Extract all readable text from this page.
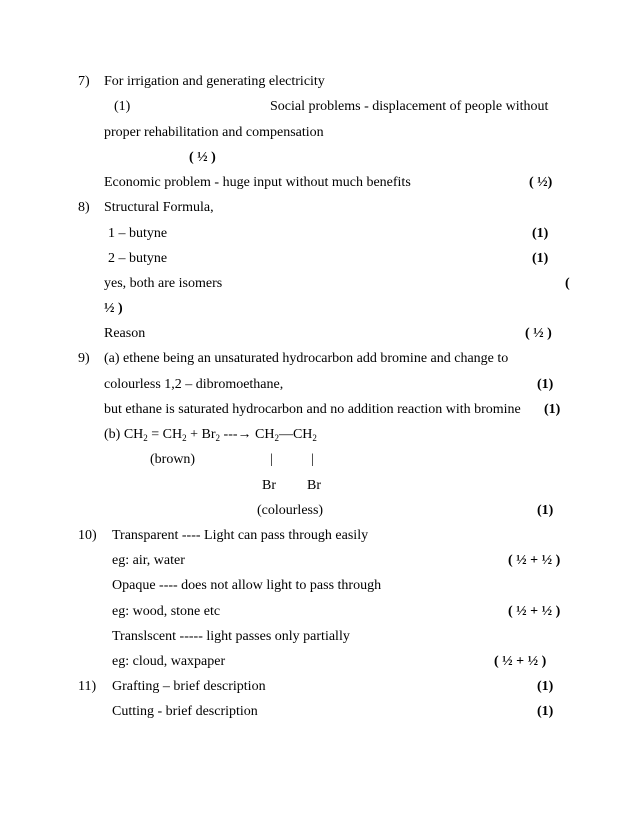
7) For irrigation and generating electricity
(1)	Social problems - displacement of people without
proper rehabilitation and compensation
( ½ )
Economic problem - huge input without much benefits	( ½)
8) Structural Formula,
1 – butyne	(1)
2 – butyne	(1)
yes, both are isomers	(
½ )
Reason	( ½ )
9) (a) ethene being an unsaturated hydrocarbon add bromine and change to
colourless 1,2 – dibromoethane,	(1)
but ethane is saturated hydrocarbon and no addition reaction with bromine (1)
(b) $CH_2 = CH_2 + Br_2$ ---→ $CH_2—CH_2$
(brown)	|	|
Br Br
(colourless)	(1)
10) Transparent ---- Light can pass through easily
eg: air, water	( ½ + ½ )
Opaque ---- does not allow light to pass through
eg: wood, stone etc	( ½ + ½ )
Translscent ----- light passes only partially
eg: cloud, waxpaper	( ½ + ½ )
11) Grafting – brief description	(1)
Cutting - brief description	(1)
